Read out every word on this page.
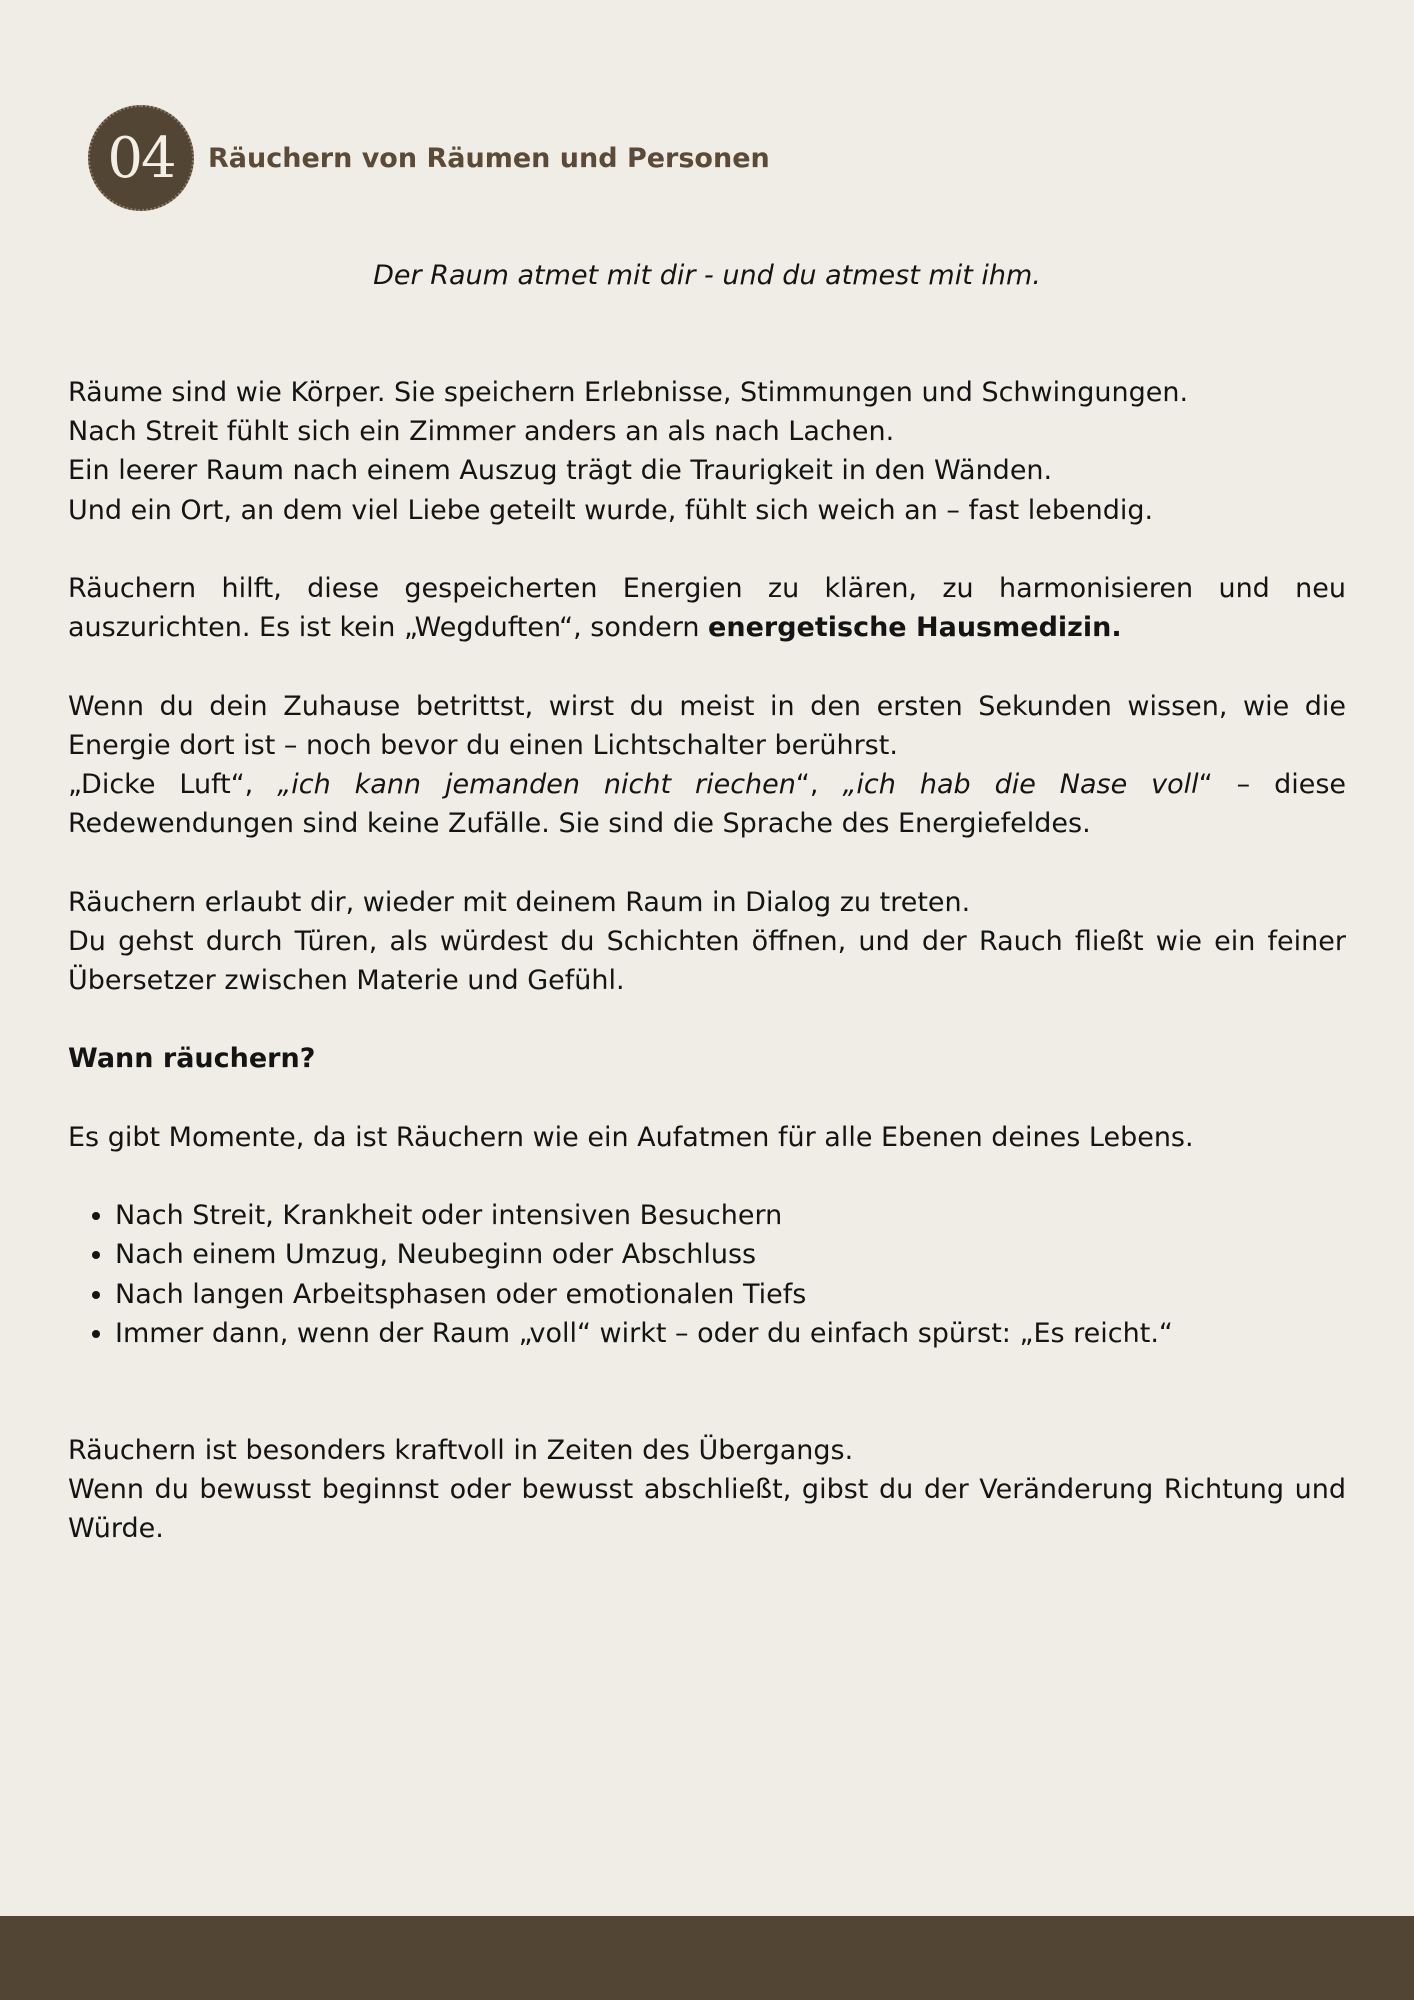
04 Räuchern von Räumen und Personen
Der Raum atmet mit dir - und du atmest mit ihm.

Räume sind wie Körper. Sie speichern Erlebnisse, Stimmungen und Schwingungen.

Nach Streit fühlt sich ein Zimmer anders an als nach Lachen.

Ein leerer Raum nach einem Auszug trägt die Traurigkeit in den Wänden.

Und ein Ort, an dem viel Liebe geteilt wurde, fühlt sich weich an – fast lebendig.

Räuchern hilft, diese gespeicherten Energien zu klären, zu harmonisieren und neu auszurichten. Es ist kein „Wegduften“, sondern energetische Hausmedizin.

Wenn du dein Zuhause betrittst, wirst du meist in den ersten Sekunden wissen, wie die Energie dort ist – noch bevor du einen Lichtschalter berührst.

„Dicke Luft“, „ich kann jemanden nicht riechen“, „ich hab die Nase voll“ – diese Redewendungen sind keine Zufälle. Sie sind die Sprache des Energiefeldes.

Räuchern erlaubt dir, wieder mit deinem Raum in Dialog zu treten.

Du gehst durch Türen, als würdest du Schichten öffnen, und der Rauch fließt wie ein feiner Übersetzer zwischen Materie und Gefühl.

Wann räuchern?

Es gibt Momente, da ist Räuchern wie ein Aufatmen für alle Ebenen deines Lebens.

• Nach Streit, Krankheit oder intensiven Besuchern
• Nach einem Umzug, Neubeginn oder Abschluss
• Nach langen Arbeitsphasen oder emotionalen Tiefs
• Immer dann, wenn der Raum „voll“ wirkt – oder du einfach spürst: „Es reicht.“

Räuchern ist besonders kraftvoll in Zeiten des Übergangs.

Wenn du bewusst beginnst oder bewusst abschließt, gibst du der Veränderung Richtung und Würde.
